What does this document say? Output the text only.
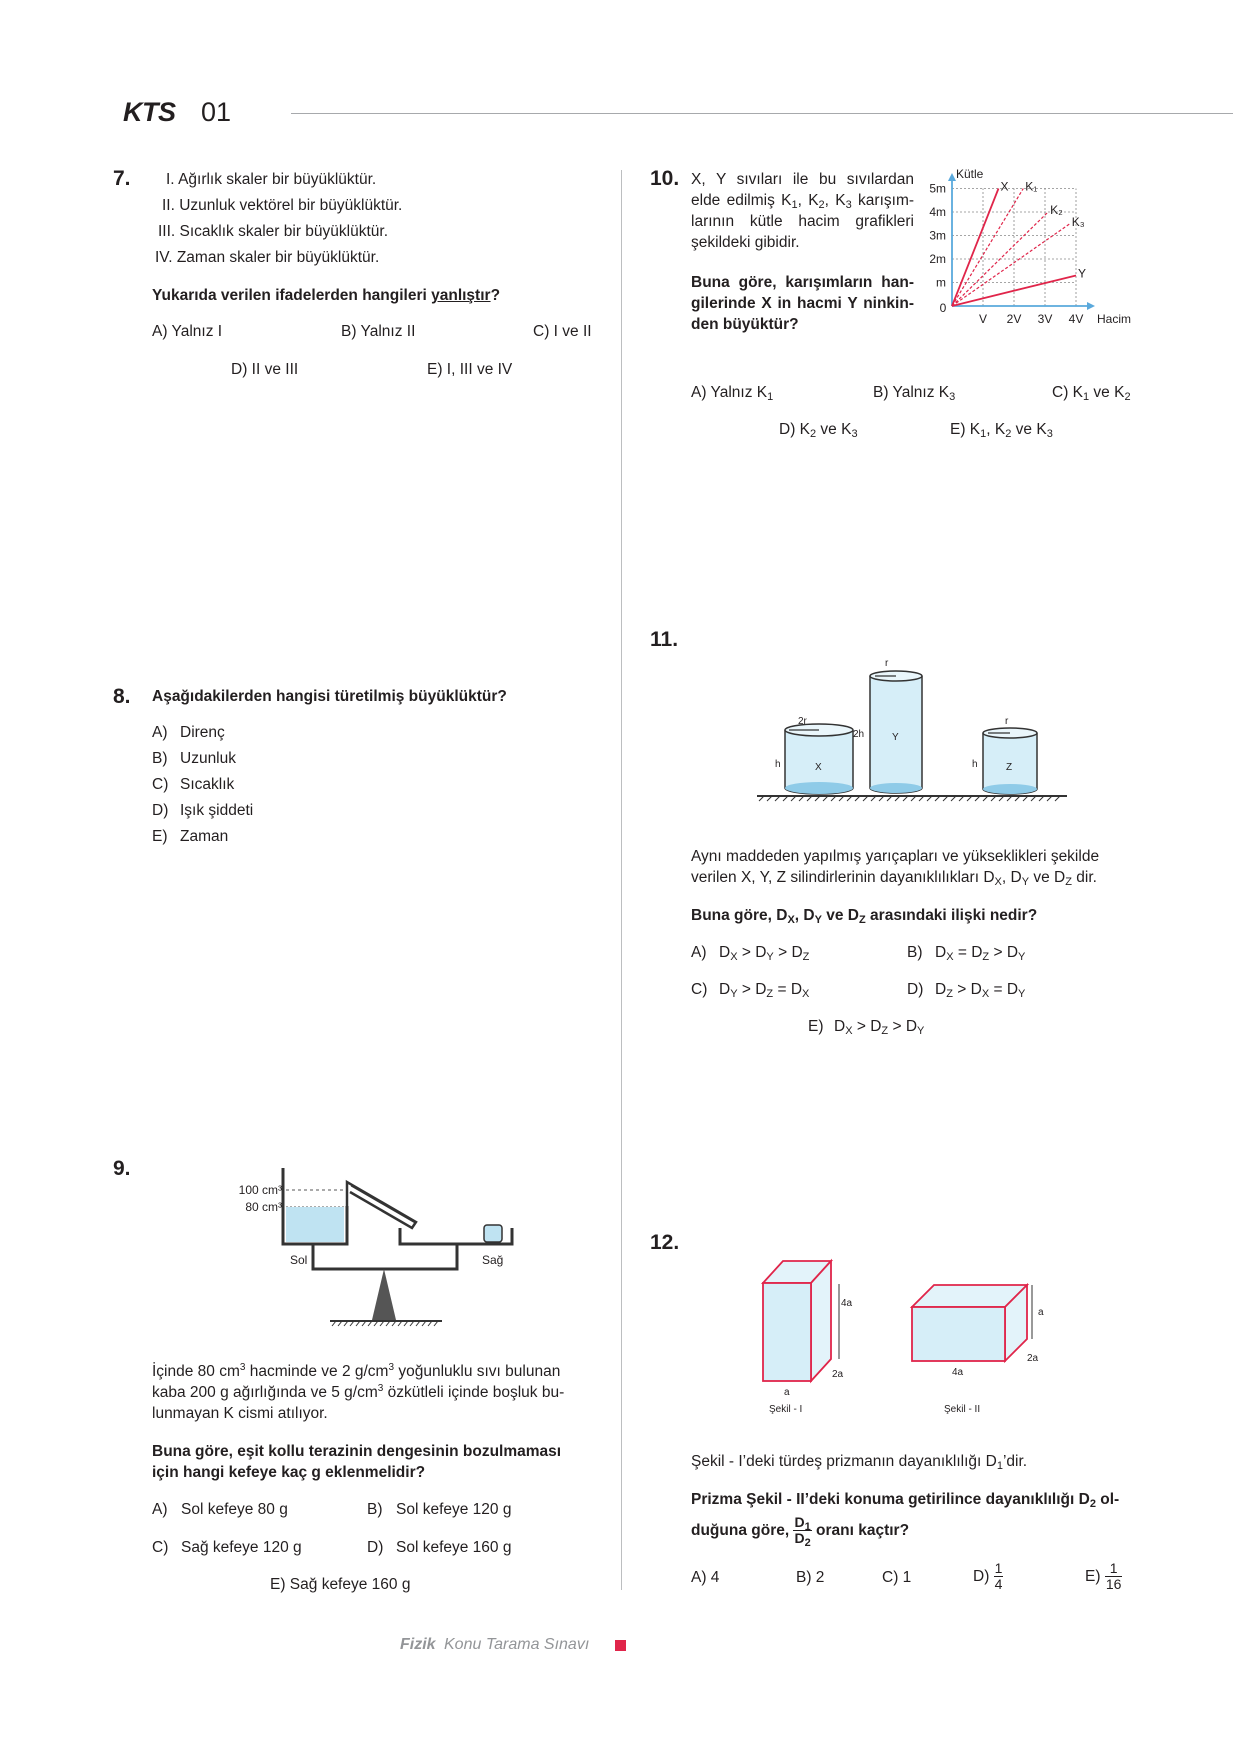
KTS 01
7. I. Ağırlık skaler bir büyüklüktür.
II. Uzunluk vektörel bir büyüklüktür.
III. Sıcaklık skaler bir büyüklüktür.
IV. Zaman skaler bir büyüklüktür.
Yukarıda verilen ifadelerden hangileri yanlıştır?
A) Yalnız I	B) Yalnız II	C) I ve II
D) II ve III	E) I, III ve IV
8. Aşağıdakilerden hangisi türetilmiş büyüklüktür?
A) Direnç
B) Uzunluk
C) Sıcaklık
D) Işık şiddeti
E) Zaman
9.
100 cm³
80 cm³
Sol	Sağ
İçinde 80 $cm^3$ hacminde ve 2 $g/cm^3$ yoğunluklu sıvı bulunan
kaba 200 g ağırlığında ve 5 $g/cm^3$ özkütleli içinde boşluk bu-
lunmayan K cismi atılıyor.
Buna göre, eşit kollu terazinin dengesinin bozulmaması
için hangi kefeye kaç g eklenmelidir?
A) Sol kefeye 80 g	B) Sol kefeye 120 g
C) Sağ kefeye 120 g	D) Sol kefeye 160 g
E) Sağ kefeye 160 g
10. X, Y sıvıları ile bu sıvılardan
elde edilmiş $K_1$, $K_2$, $K_3$ karışım-
larının kütle hacim grafikleri
şekildeki gibidir.
Buna göre, karışımların han-
gilerinde X in hacmi Y ninkin-
den büyüktür?
Kütle
Hacim
0
V 2V 3V 4V
m
2m
3m
4m
5m	X K₁
K₂
K₃
Y
A) Yalnız $K_1$	B) Yalnız $K_3$	C) $K_1$ ve $K_2$
D) $K_2$ ve $K_3$	E) $K_1$, $K_2$ ve $K_3$
11.
2r
h	X
r
2h	Y
r
h	Z
Aynı maddeden yapılmış yarıçapları ve yükseklikleri şekilde
verilen X, Y, Z silindirlerinin dayanıklılıkları $D_X$, $D_Y$ ve $D_Z$ dir.
Buna göre, $D_X$, $D_Y$ ve $D_Z$ arasındaki ilişki nedir?
A) $D_X > D_Y > D_Z$	B) $D_X = D_Z > D_Y$
C) $D_Y > D_Z = D_X$	D) $D_Z > D_X = D_Y$
E) $D_X > D_Z > D_Y$
12.
4a
2a
a
Şekil - I
a
2a
4a
Şekil - II
Şekil - I’deki türdeş prizmanın dayanıklılığı $D_1’dir$.
Prizma Şekil - II’deki konuma getirilince dayanıklılığı $D_2$ ol-
duğuna göre, $\frac{D_1}{D_2}$ oranı kaçtır?
A) 4	B) 2	C) 1	$D) \frac{1}{4}$	$E) \frac{1}{16}$
Fizik Konu Tarama Sınavı
